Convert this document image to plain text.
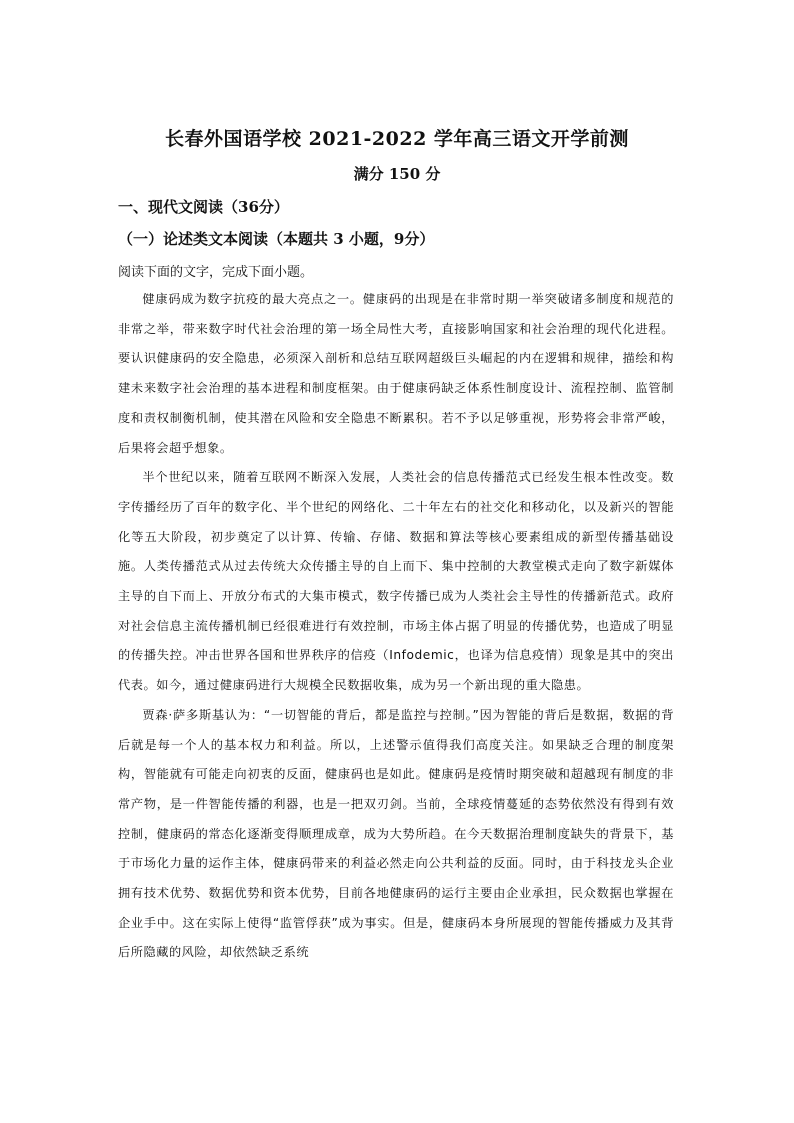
长春外国语学校 2021-2022 学年高三语文开学前测
满分 150 分
一、现代文阅读（36分）
（一）论述类文本阅读（本题共 3 小题，9分）
阅读下面的文字，完成下面小题。

健康码成为数字抗疫的最大亮点之一。健康码的出现是在非常时期一举突破诸多制度和规范的非常之举，带来数字时代社会治理的第一场全局性大考，直接影响国家和社会治理的现代化进程。要认识健康码的安全隐患，必须深入剖析和总结互联网超级巨头崛起的内在逻辑和规律，描绘和构建未来数字社会治理的基本进程和制度框架。由于健康码缺乏体系性制度设计、流程控制、监管制度和责权制衡机制，使其潜在风险和安全隐患不断累积。若不予以足够重视，形势将会非常严峻，后果将会超乎想象。

半个世纪以来，随着互联网不断深入发展，人类社会的信息传播范式已经发生根本性改变。数字传播经历了百年的数字化、半个世纪的网络化、二十年左右的社交化和移动化，以及新兴的智能化等五大阶段，初步奠定了以计算、传输、存储、数据和算法等核心要素组成的新型传播基础设施。人类传播范式从过去传统大众传播主导的自上而下、集中控制的大教堂模式走向了数字新媒体主导的自下而上、开放分布式的大集市模式，数字传播已成为人类社会主导性的传播新范式。政府对社会信息主流传播机制已经很难进行有效控制，市场主体占据了明显的传播优势，也造成了明显的传播失控。冲击世界各国和世界秩序的信疫（Infodemic，也译为信息疫情）现象是其中的突出代表。如今，通过健康码进行大规模全民数据收集，成为另一个新出现的重大隐患。

贾森·萨多斯基认为：“一切智能的背后，都是监控与控制。”因为智能的背后是数据，数据的背后就是每一个人的基本权力和利益。所以，上述警示值得我们高度关注。如果缺乏合理的制度架构，智能就有可能走向初衷的反面，健康码也是如此。健康码是疫情时期突破和超越现有制度的非常产物，是一件智能传播的利器，也是一把双刃剑。当前，全球疫情蔓延的态势依然没有得到有效控制，健康码的常态化逐渐变得顺理成章，成为大势所趋。在今天数据治理制度缺失的背景下，基于市场化力量的运作主体，健康码带来的利益必然走向公共利益的反面。同时，由于科技龙头企业拥有技术优势、数据优势和资本优势，目前各地健康码的运行主要由企业承担，民众数据也掌握在企业手中。这在实际上使得“监管俘获”成为事实。但是，健康码本身所展现的智能传播威力及其背后所隐藏的风险，却依然缺乏系统
